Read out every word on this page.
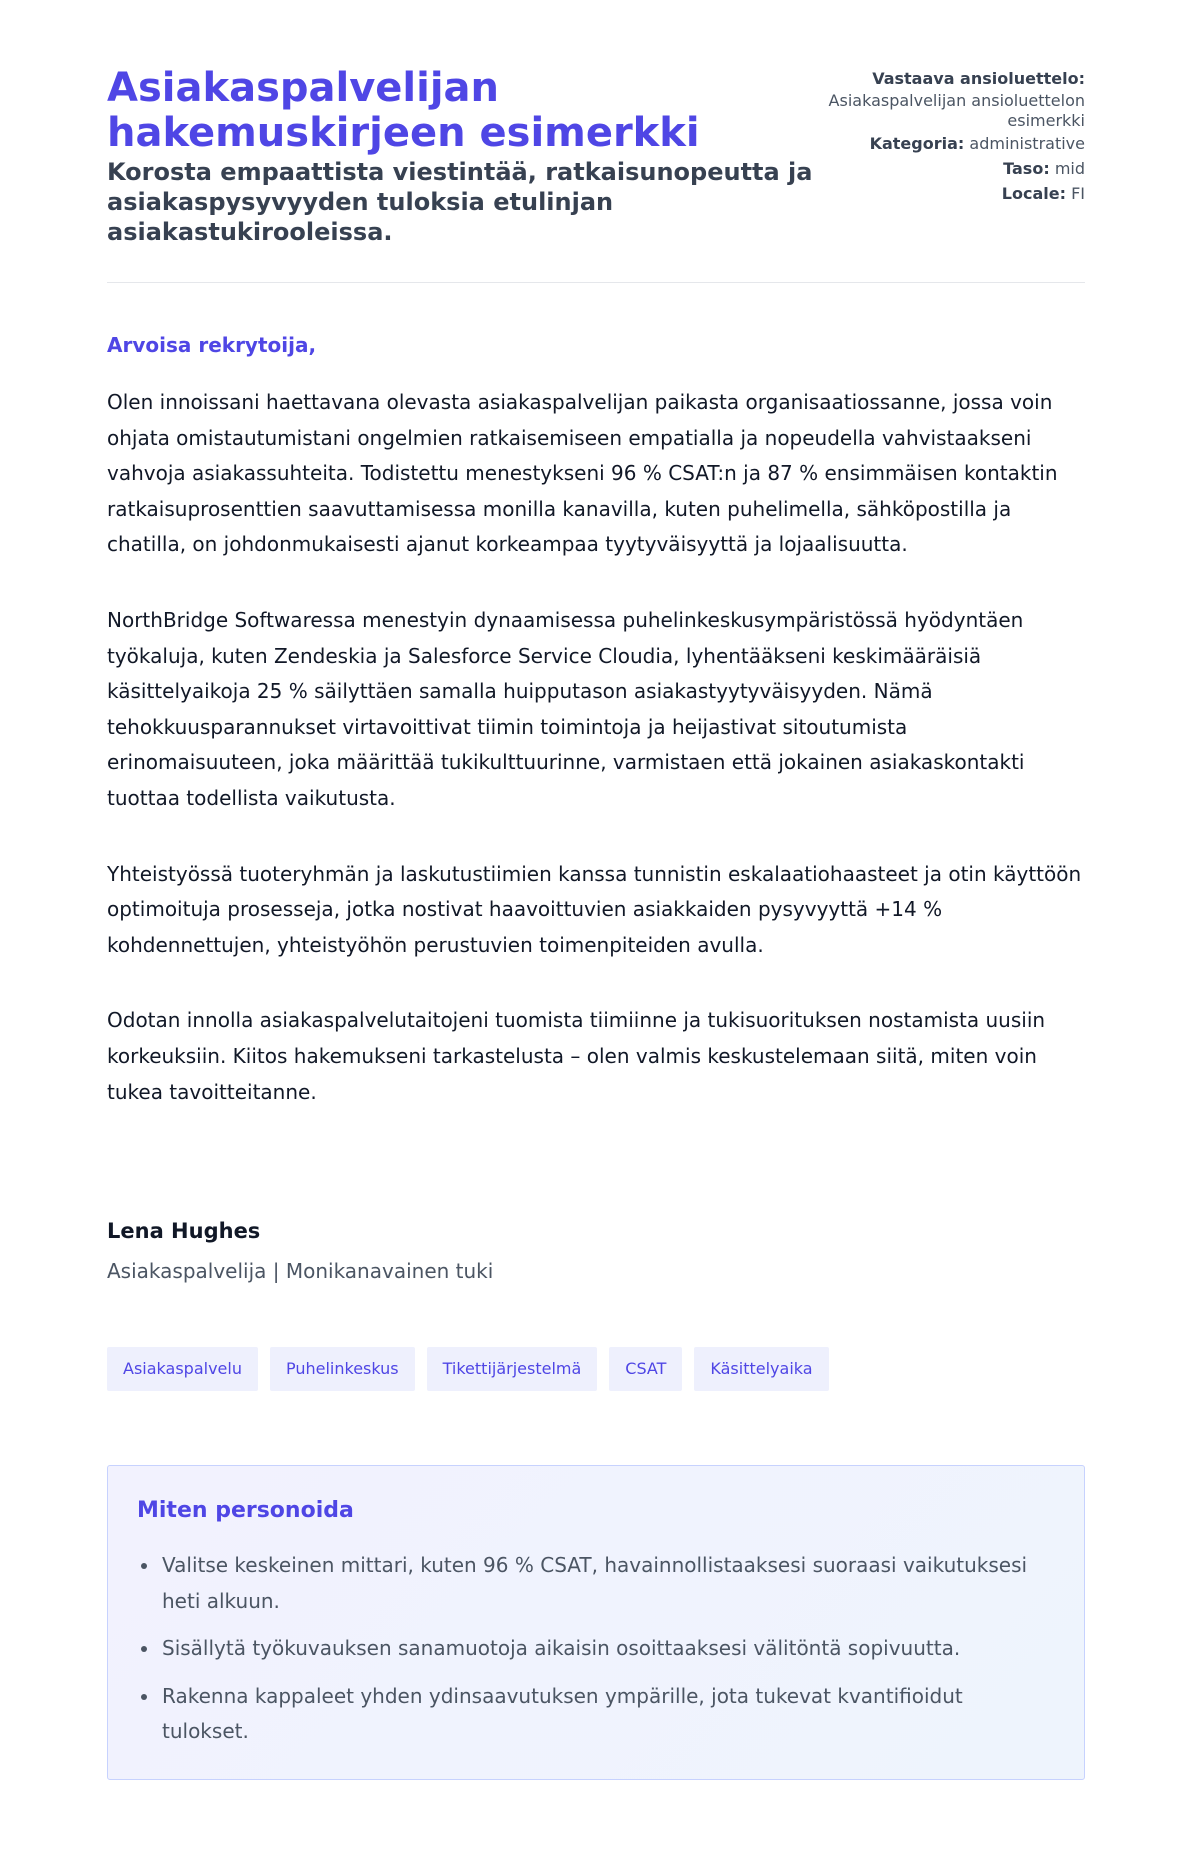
Asiakaspalvelijan hakemuskirjeen esimerkki
Korosta empaattista viestintää, ratkaisunopeutta ja asiakaspysyvyyden tuloksia etulinjan asiakastukirooleissa.
Vastaava ansioluettelo:
Asiakaspalvelijan ansioluettelon esimerkki
Kategoria: administrative
Taso: mid
Locale: FI

Arvoisa rekrytoija,

Olen innoissani haettavana olevasta asiakaspalvelijan paikasta organisaatiossanne, jossa voin ohjata omistautumistani ongelmien ratkaisemiseen empatialla ja nopeudella vahvistaakseni vahvoja asiakassuhteita. Todistettu menestykseni 96 % CSAT:n ja 87 % ensimmäisen kontaktin ratkaisuprosenttien saavuttamisessa monilla kanavilla, kuten puhelimella, sähköpostilla ja chatilla, on johdonmukaisesti ajanut korkeampaa tyytyväisyyttä ja lojaalisuutta.

NorthBridge Softwaressa menestyin dynaamisessa puhelinkeskusympäristössä hyödyntäen työkaluja, kuten Zendeskia ja Salesforce Service Cloudia, lyhentääkseni keskimääräisiä käsittelyaikoja 25 % säilyttäen samalla huipputason asiakastyytyväisyyden. Nämä tehokkuusparannukset virtavoittivat tiimin toimintoja ja heijastivat sitoutumista erinomaisuuteen, joka määrittää tukikulttuurinne, varmistaen että jokainen asiakaskontakti tuottaa todellista vaikutusta.

Yhteistyössä tuoteryhmän ja laskutustiimien kanssa tunnistin eskalaatiohaasteet ja otin käyttöön optimoituja prosesseja, jotka nostivat haavoittuvien asiakkaiden pysyvyyttä +14 % kohdennettujen, yhteistyöhön perustuvien toimenpiteiden avulla.

Odotan innolla asiakaspalvelutaitojeni tuomista tiimiinne ja tukisuorituksen nostamista uusiin korkeuksiin. Kiitos hakemukseni tarkastelusta – olen valmis keskustelemaan siitä, miten voin tukea tavoitteitanne.

Lena Hughes

Asiakaspalvelija | Monikanavainen tuki

Asiakaspalvelu	Puhelinkeskus	Tikettijärjestelmä	CSAT	Käsittelyaika
Miten personoida
Valitse keskeinen mittari, kuten 96 % CSAT, havainnollistaaksesi suoraasi vaikutuksesi heti alkuun.
Sisällytä työkuvauksen sanamuotoja aikaisin osoittaaksesi välitöntä sopivuutta.
Rakenna kappaleet yhden ydinsaavutuksen ympärille, jota tukevat kvantifioidut tulokset.
